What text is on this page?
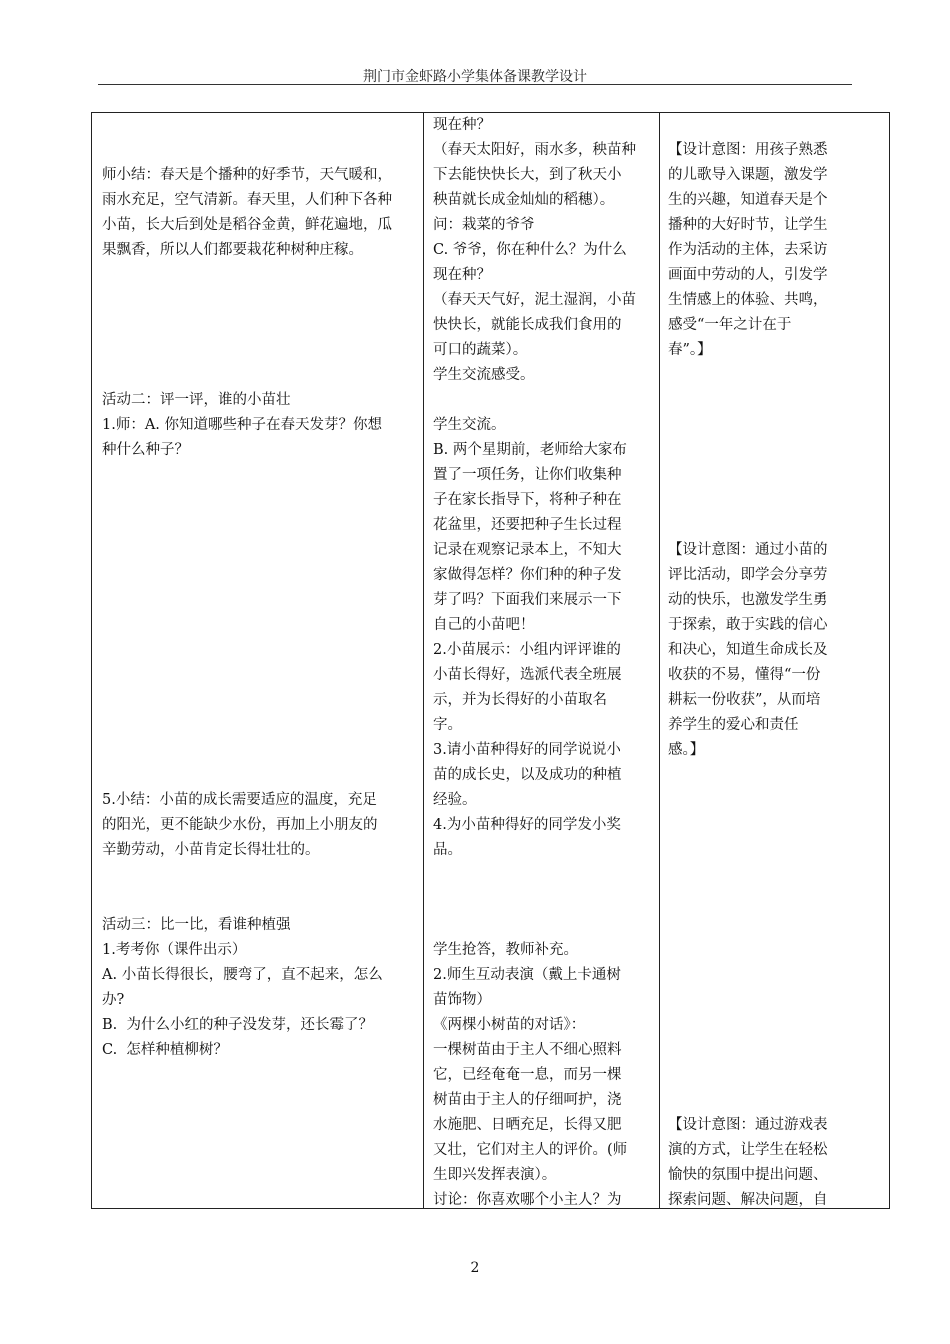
荆门市金虾路小学集体备课教学设计

师小结：春天是个播种的好季节，天气暖和，

雨水充足，空气清新。春天里，人们种下各种

小苗，长大后到处是稻谷金黄，鲜花遍地，瓜

果飘香，所以人们都要栽花种树种庄稼。

活动二：评一评，谁的小苗壮

1.师：A. 你知道哪些种子在春天发芽？你想

种什么种子？

5.小结：小苗的成长需要适应的温度，充足

的阳光，更不能缺少水份，再加上小朋友的

辛勤劳动，小苗肯定长得壮壮的。

活动三：比一比，看谁种植强

1.考考你（课件出示）

A. 小苗长得很长，腰弯了，直不起来，怎么

办?

B.  为什么小红的种子没发芽，还长霉了？

C.  怎样种植柳树？

现在种？

（春天太阳好，雨水多，秧苗种

下去能快快长大，到了秋天小

秧苗就长成金灿灿的稻穗）。

问：栽菜的爷爷

C. 爷爷，你在种什么？为什么

现在种？

（春天天气好，泥土湿润，小苗

快快长，就能长成我们食用的

可口的蔬菜）。

学生交流感受。

学生交流。

B. 两个星期前，老师给大家布

置了一项任务，让你们收集种

子在家长指导下，将种子种在

花盆里，还要把种子生长过程

记录在观察记录本上，不知大

家做得怎样？你们种的种子发

芽了吗？下面我们来展示一下

自己的小苗吧！

2.小苗展示：小组内评评谁的

小苗长得好，选派代表全班展

示，并为长得好的小苗取名

字。

3.请小苗种得好的同学说说小

苗的成长史，以及成功的种植

经验。

4.为小苗种得好的同学发小奖

品。

学生抢答，教师补充。

2.师生互动表演（戴上卡通树

苗饰物）

《两棵小树苗的对话》：

一棵树苗由于主人不细心照料

它，已经奄奄一息，而另一棵

树苗由于主人的仔细呵护，浇

水施肥、日晒充足，长得又肥

又壮，它们对主人的评价。(师

生即兴发挥表演）。

讨论：你喜欢哪个小主人？为

【设计意图：用孩子熟悉

的儿歌导入课题，激发学

生的兴趣，知道春天是个

播种的大好时节，让学生

作为活动的主体，去采访

画面中劳动的人，引发学

生情感上的体验、共鸣，

感受“一年之计在于

春”。】

【设计意图：通过小苗的

评比活动，即学会分享劳

动的快乐，也激发学生勇

于探索，敢于实践的信心

和决心，知道生命成长及

收获的不易，懂得“一份

耕耘一份收获”，从而培

养学生的爱心和责任

感。】

【设计意图：通过游戏表

演的方式，让学生在轻松

愉快的氛围中提出问题、

探索问题、解决问题，自

2
